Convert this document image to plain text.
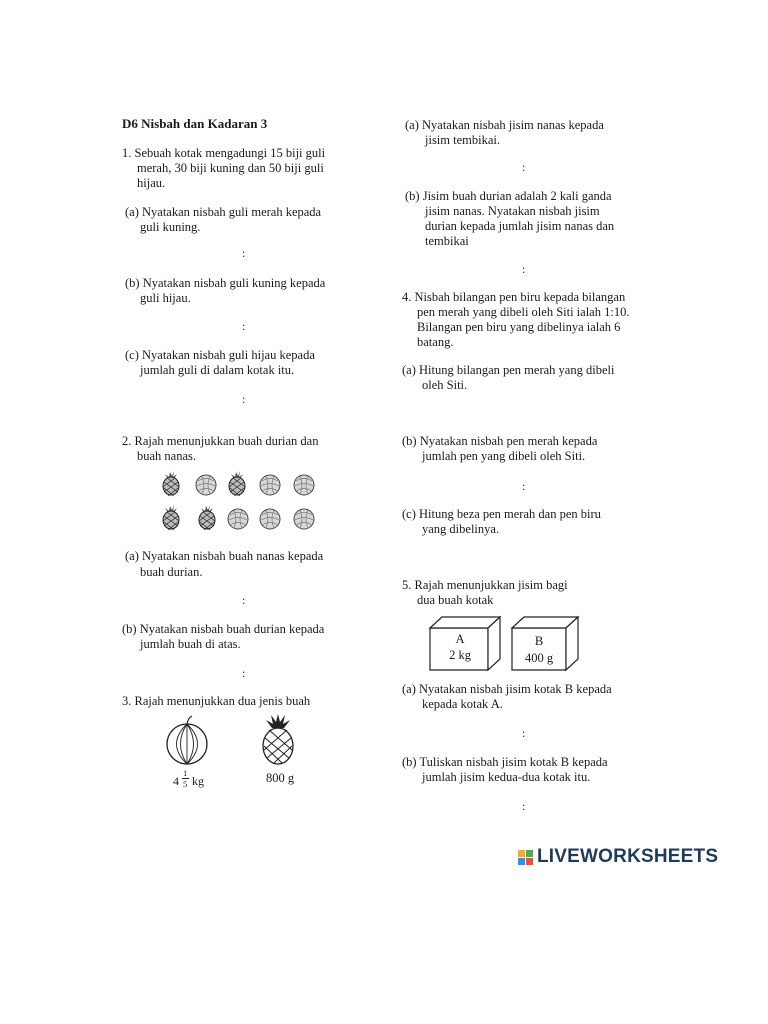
D6 Nisbah dan Kadaran 3
1. Sebuah kotak mengadungi 15 biji guli
merah, 30 biji kuning dan 50 biji guli
hijau.
(a) Nyatakan nisbah guli merah kepada
guli kuning.
:
(b) Nyatakan nisbah guli kuning kepada
guli hijau.
:
(c) Nyatakan nisbah guli hijau kepada
jumlah guli di dalam kotak itu.
:
2. Rajah menunjukkan buah durian dan
buah nanas.
(a) Nyatakan nisbah buah nanas kepada
buah durian.
:
(b) Nyatakan nisbah buah durian kepada
jumlah buah di atas.
:
3. Rajah menunjukkan dua jenis buah
4
1
5 kg	800 g
(a) Nyatakan nisbah jisim nanas kepada
jisim tembikai.
:
(b) Jisim buah durian adalah 2 kali ganda
jisim nanas. Nyatakan nisbah jisim
durian kepada jumlah jisim nanas dan
tembikai
:
4. Nisbah bilangan pen biru kepada bilangan
pen merah yang dibeli oleh Siti ialah 1:10.
Bilangan pen biru yang dibelinya ialah 6
batang.
(a) Hitung bilangan pen merah yang dibeli
oleh Siti.
(b) Nyatakan nisbah pen merah kepada
jumlah pen yang dibeli oleh Siti.
:
(c) Hitung beza pen merah dan pen biru
yang dibelinya.
5. Rajah menunjukkan jisim bagi
dua buah kotak
A
2 kg
B
400 g
(a) Nyatakan nisbah jisim kotak B kepada
kepada kotak A.
:
(b) Tuliskan nisbah jisim kotak B kepada
jumlah jisim kedua-dua kotak itu.
:
LIVEWORKSHEETS
